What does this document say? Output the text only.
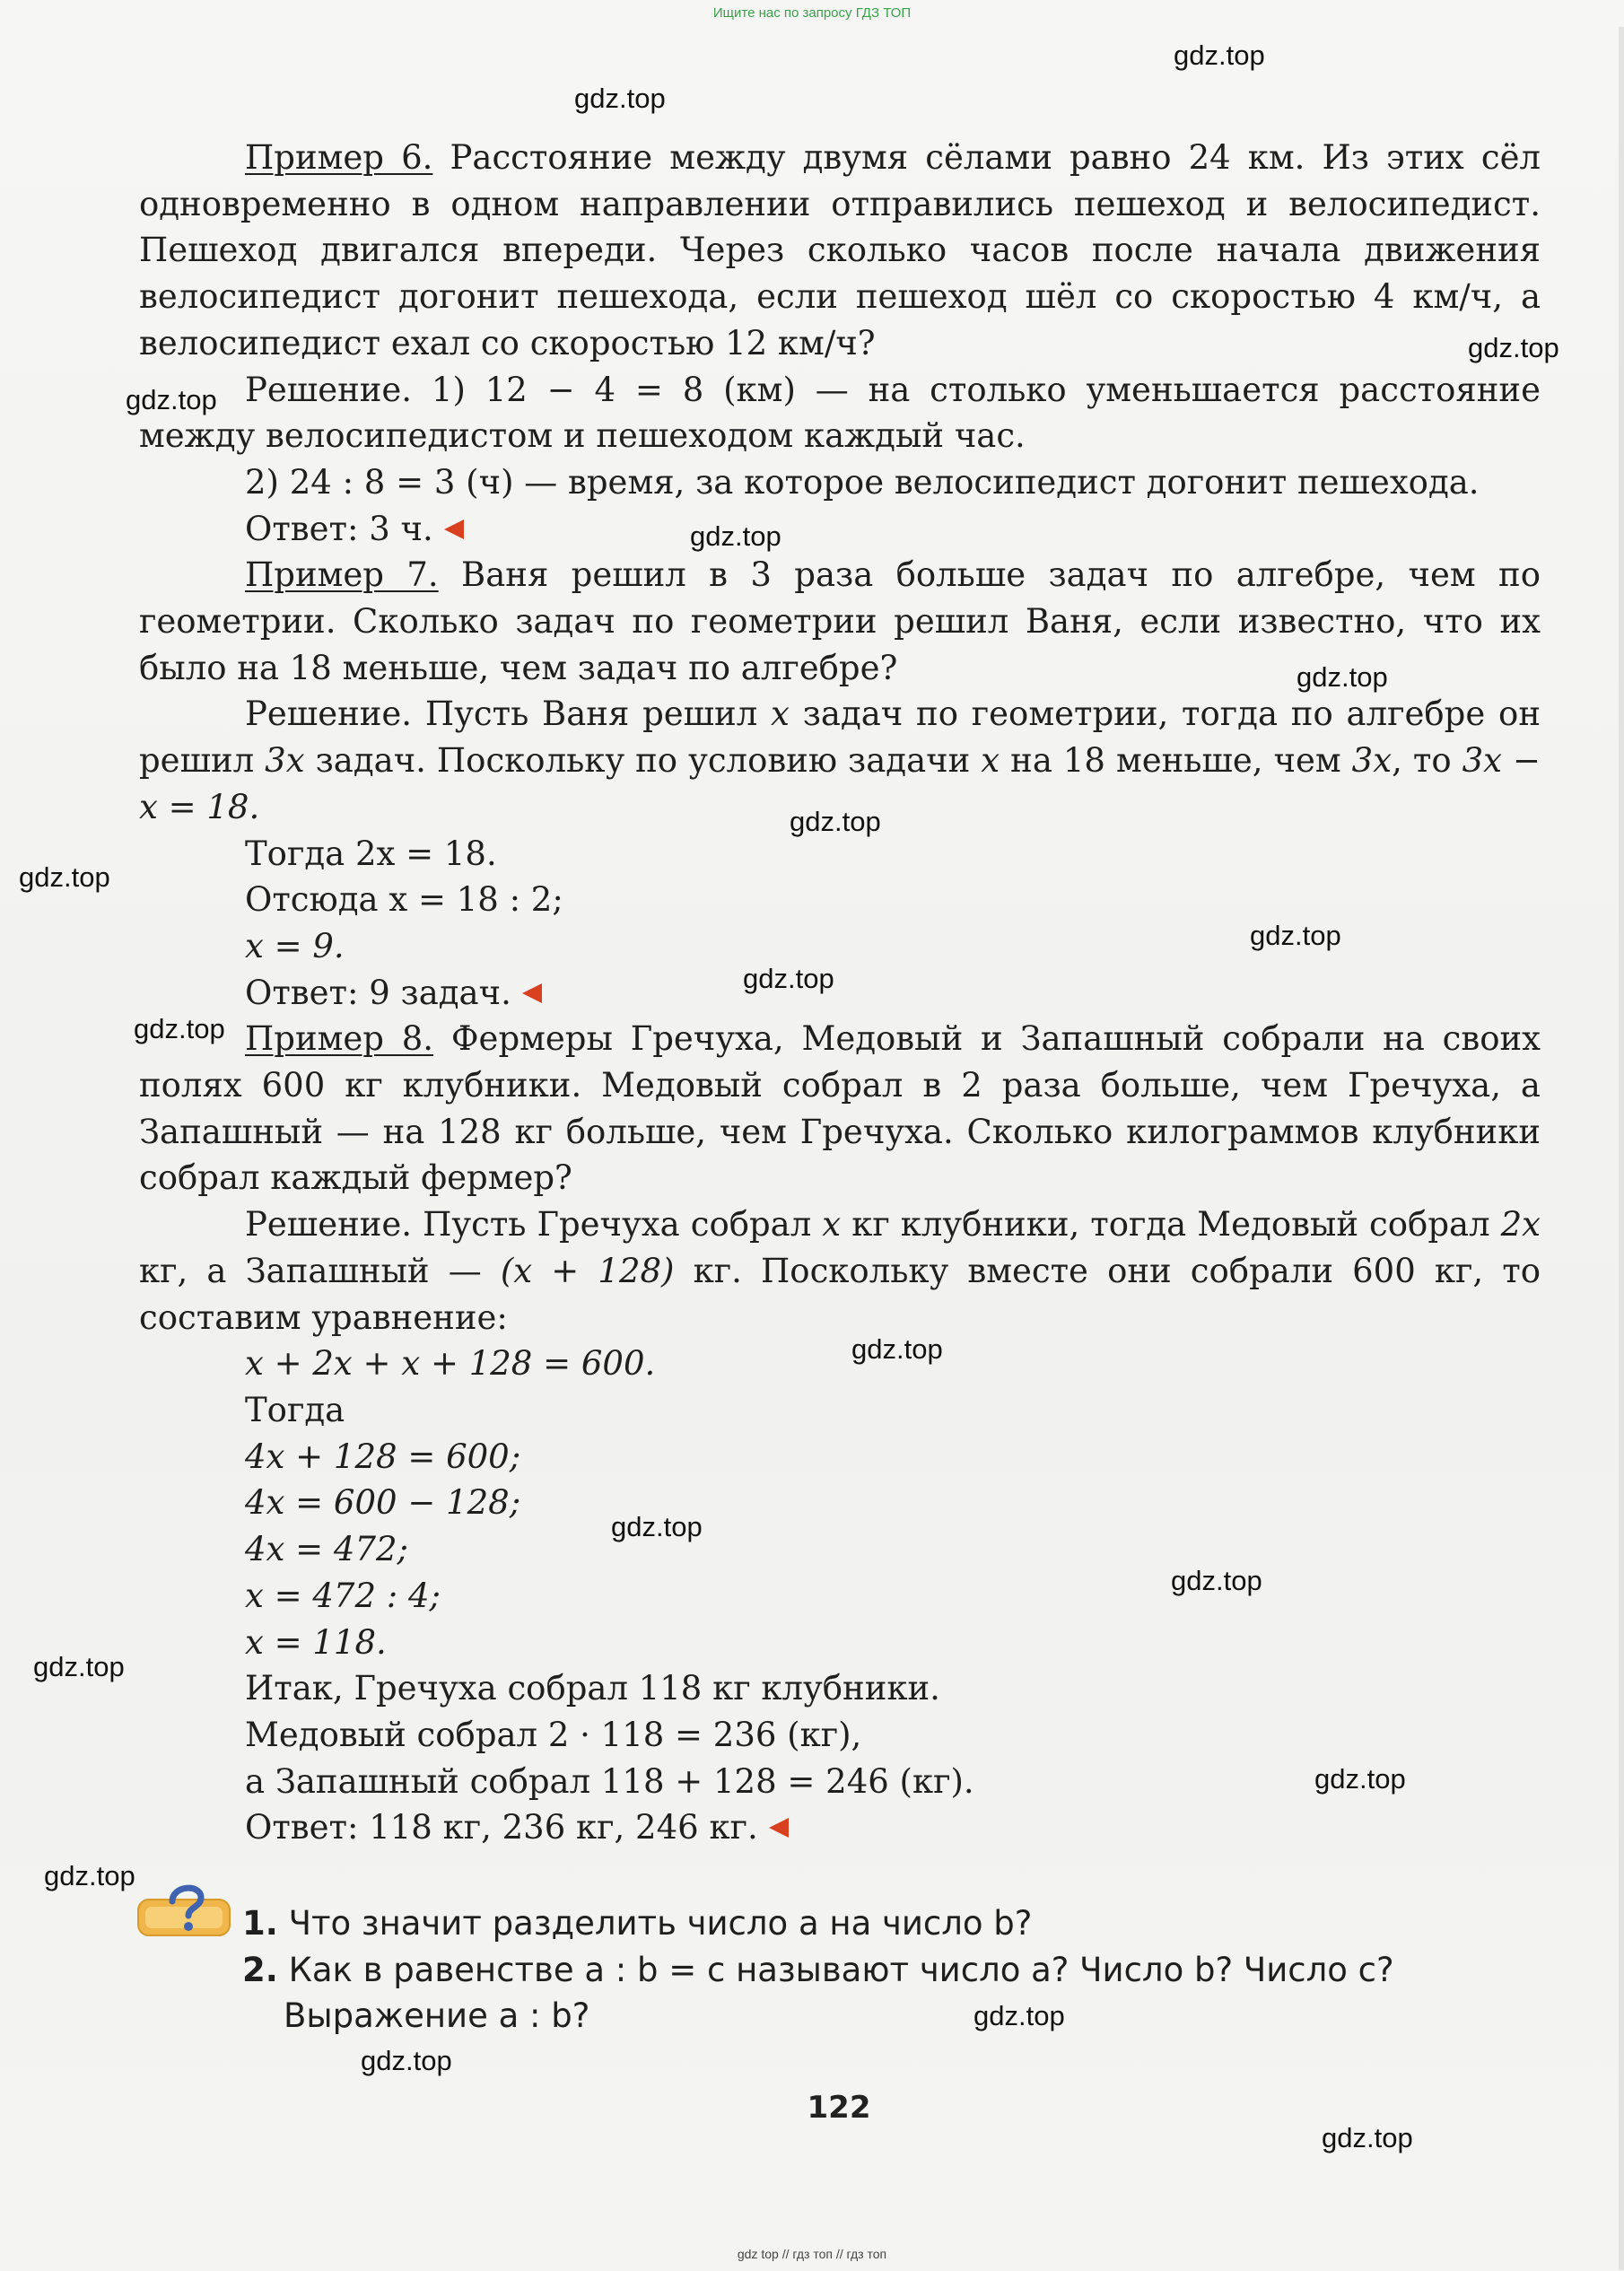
Ищите нас по запросу ГДЗ ТОП
gdz.top
gdz.top
gdz.top
gdz.top
gdz.top
gdz.top
gdz.top
gdz.top
gdz.top
gdz.top
gdz.top
gdz.top
gdz.top
gdz.top
gdz.top
gdz.top
gdz.top
gdz.top
gdz.top
gdz.top

Пример 6. Расстояние между двумя сёлами равно 24 км. Из этих сёл одновременно в одном направлении отправились пешеход и велосипедист. Пешеход двигался впереди. Через сколько часов после начала движения велосипедист догонит пешехода, если пешеход шёл со скоростью 4 км/ч, а велосипедист ехал со скоростью 12 км/ч?

Решение. 1) 12 − 4 = 8 (км) — на столько уменьшается расстояние между велосипедистом и пешеходом каждый час.

2) 24 : 8 = 3 (ч) — время, за которое велосипедист догонит пешехода.

Ответ: 3 ч.

Пример 7. Ваня решил в 3 раза больше задач по алгебре, чем по геометрии. Сколько задач по геометрии решил Ваня, если известно, что их было на 18 меньше, чем задач по алгебре?

Решение. Пусть Ваня решил x задач по геометрии, тогда по алгебре он решил 3x задач. Поскольку по условию задачи x на 18 меньше, чем 3x, то 3x − x = 18.

Тогда 2x = 18.

Отсюда x = 18 : 2;

x = 9.

Ответ: 9 задач.

Пример 8. Фермеры Гречуха, Медовый и Запашный собрали на своих полях 600 кг клубники. Медовый собрал в 2 раза больше, чем Гречуха, а Запашный — на 128 кг больше, чем Гречуха. Сколько килограммов клубники собрал каждый фермер?

Решение. Пусть Гречуха собрал x кг клубники, тогда Медовый собрал 2x кг, а Запашный — (x + 128) кг. Поскольку вместе они собрали 600 кг, то составим уравнение:

x + 2x + x + 128 = 600.

Тогда

4x + 128 = 600;

4x = 600 − 128;

4x = 472;

x = 472 : 4;

x = 118.

Итак, Гречуха собрал 118 кг клубники.

Медовый собрал 2 · 118 = 236 (кг),

а Запашный собрал 118 + 128 = 246 (кг).

Ответ: 118 кг, 236 кг, 246 кг.

1. Что значит разделить число a на число b?

2. Как в равенстве a : b = c называют число a? Число b? Число c? Выражение a : b?

122
gdz top // гдз топ // гдз топ
